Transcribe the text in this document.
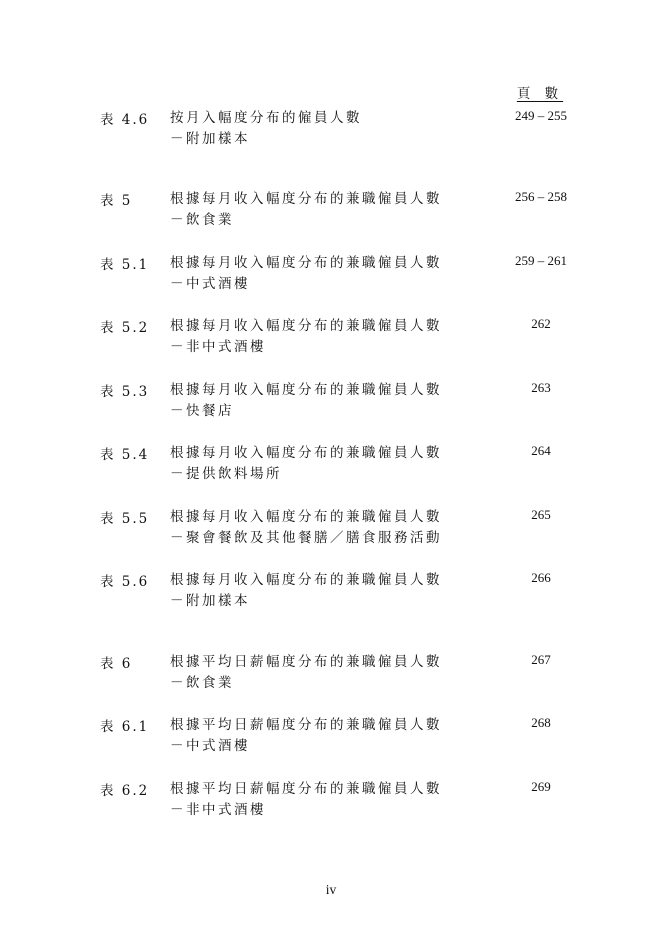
頁 數
表 4.6 按月入幅度分布的僱員人數
－附加樣本
249 – 255
表 5	根據每月收入幅度分布的兼職僱員人數
－飲食業
256 – 258
表 5.1 根據每月收入幅度分布的兼職僱員人數
－中式酒樓
259 – 261
表 5.2 根據每月收入幅度分布的兼職僱員人數
－非中式酒樓
262
表 5.3 根據每月收入幅度分布的兼職僱員人數
－快餐店
263
表 5.4 根據每月收入幅度分布的兼職僱員人數
－提供飲料場所
264
表 5.5 根據每月收入幅度分布的兼職僱員人數
－聚會餐飲及其他餐膳／膳食服務活動
265
表 5.6 根據每月收入幅度分布的兼職僱員人數
－附加樣本
266
表 6	根據平均日薪幅度分布的兼職僱員人數
－飲食業
267
表 6.1 根據平均日薪幅度分布的兼職僱員人數
－中式酒樓
268
表 6.2 根據平均日薪幅度分布的兼職僱員人數
－非中式酒樓
269
iv
